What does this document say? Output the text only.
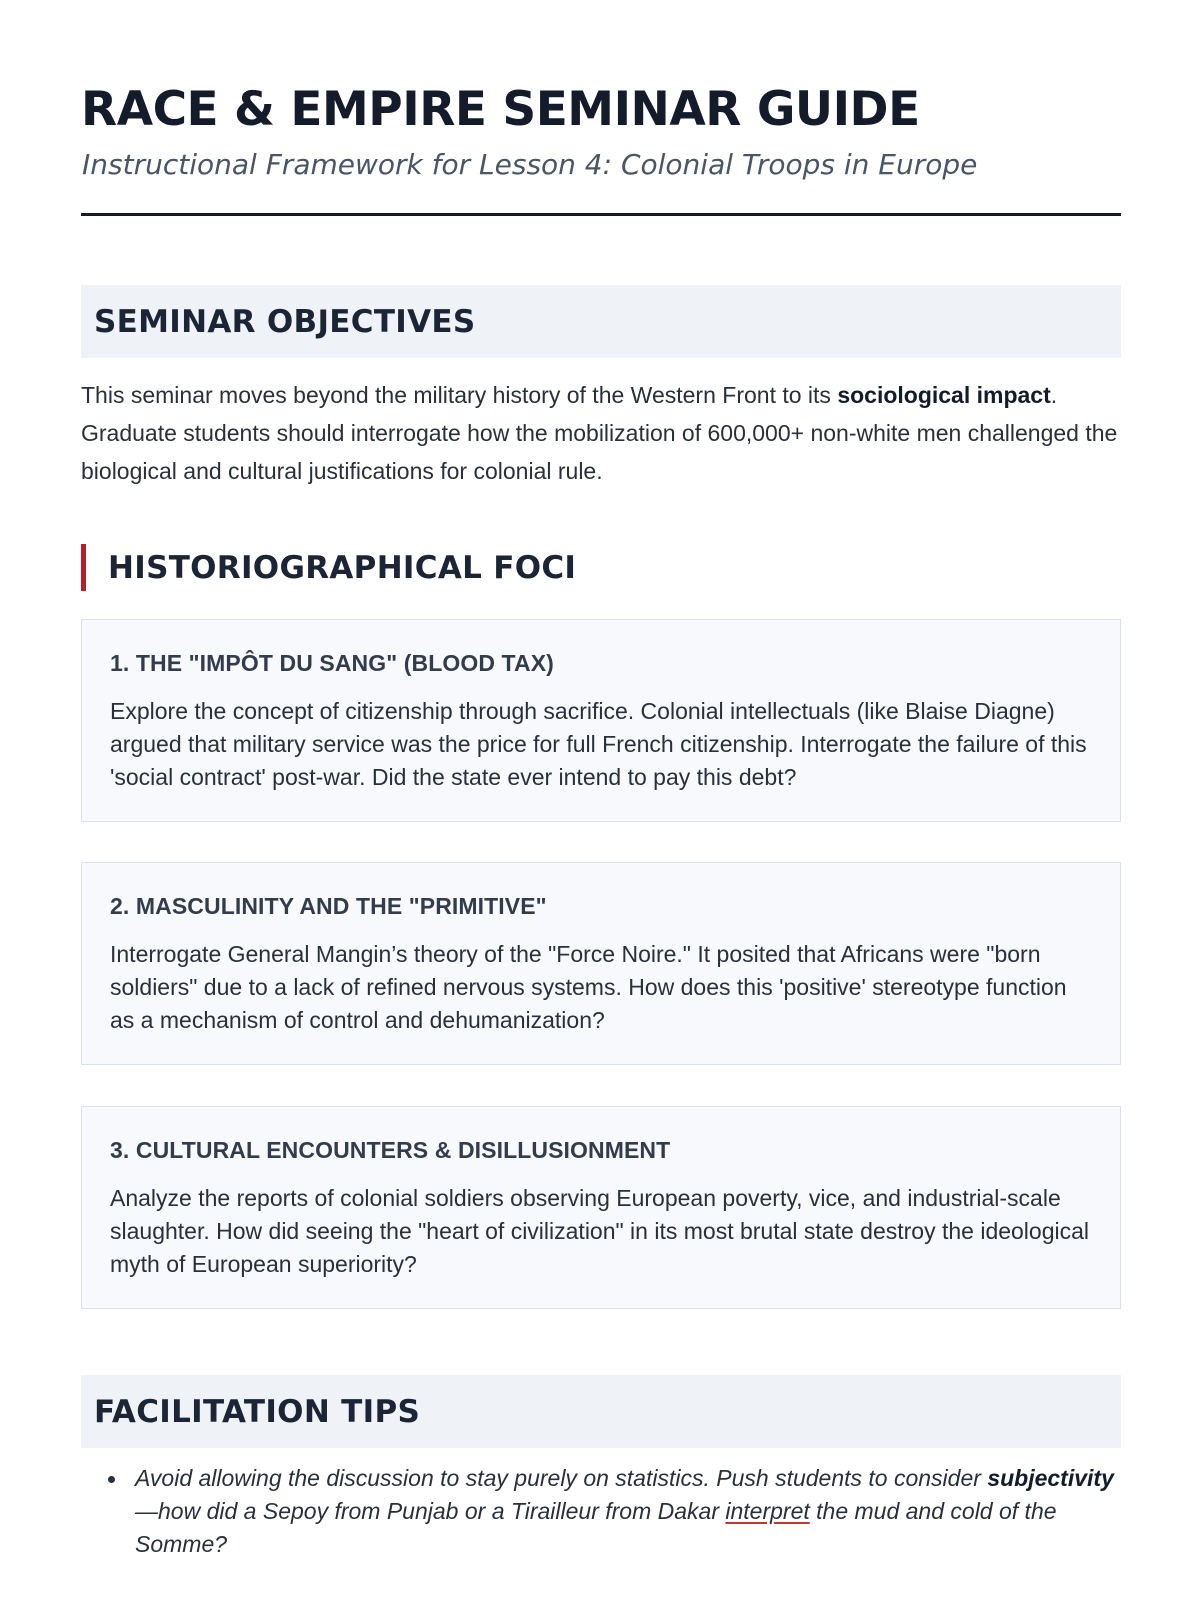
RACE & EMPIRE SEMINAR GUIDE
Instructional Framework for Lesson 4: Colonial Troops in Europe
SEMINAR OBJECTIVES

This seminar moves beyond the military history of the Western Front to its sociological impact. Graduate students should interrogate how the mobilization of 600,000+ non-white men challenged the biological and cultural justifications for colonial rule.

HISTORIOGRAPHICAL FOCI
1. THE "IMPÔT DU SANG" (BLOOD TAX)

Explore the concept of citizenship through sacrifice. Colonial intellectuals (like Blaise Diagne) argued that military service was the price for full French citizenship. Interrogate the failure of this 'social contract' post-war. Did the state ever intend to pay this debt?

2. MASCULINITY AND THE "PRIMITIVE"

Interrogate General Mangin’s theory of the "Force Noire." It posited that Africans were "born soldiers" due to a lack of refined nervous systems. How does this 'positive' stereotype function as a mechanism of control and dehumanization?

3. CULTURAL ENCOUNTERS & DISILLUSIONMENT

Analyze the reports of colonial soldiers observing European poverty, vice, and industrial-scale slaughter. How did seeing the "heart of civilization" in its most brutal state destroy the ideological myth of European superiority?

FACILITATION TIPS
Avoid allowing the discussion to stay purely on statistics. Push students to consider subjectivity—how did a Sepoy from Punjab or a Tirailleur from Dakar interpret the mud and cold of the Somme?
